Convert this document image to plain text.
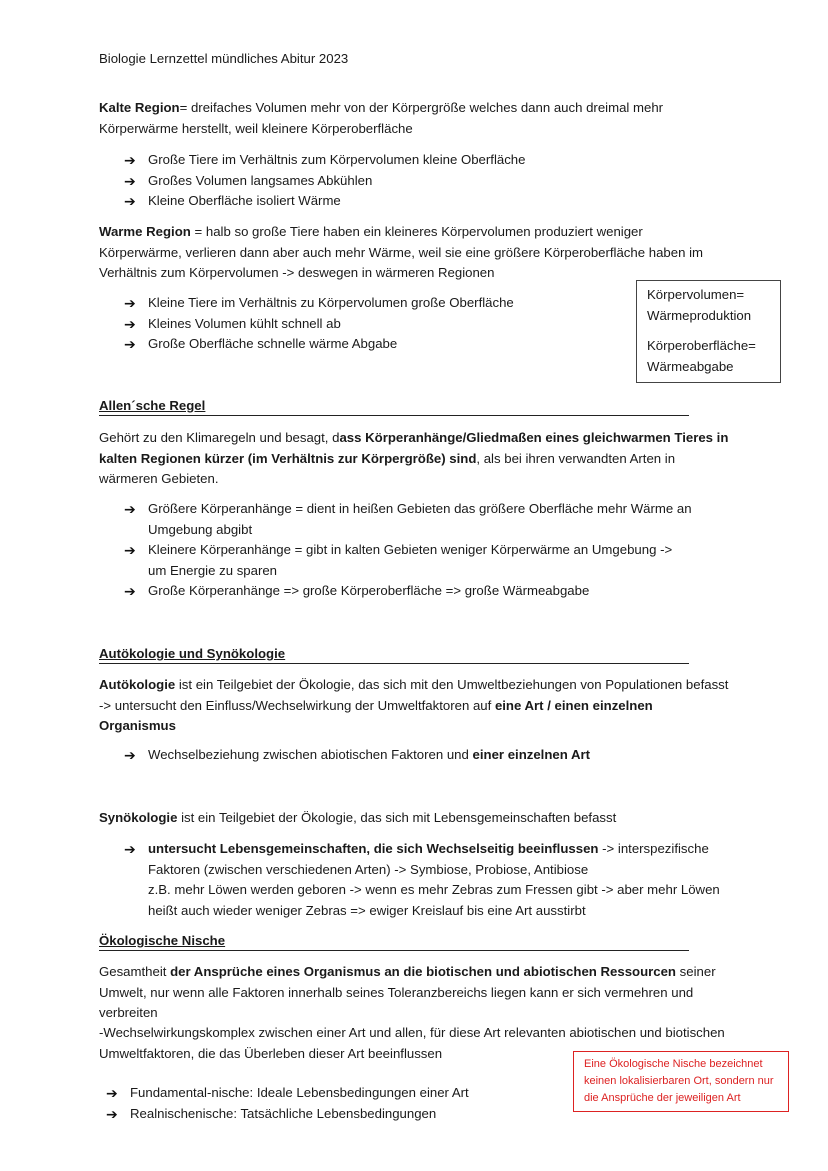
Biologie Lernzettel mündliches Abitur 2023
Kalte Region= dreifaches Volumen mehr von der Körpergröße welches dann auch dreimal mehr Körperwärme herstellt, weil kleinere Körperoberfläche
➔ Große Tiere im Verhältnis zum Körpervolumen kleine Oberfläche
➔ Großes Volumen langsames Abkühlen
➔ Kleine Oberfläche isoliert Wärme
Warme Region = halb so große Tiere haben ein kleineres Körpervolumen produziert weniger Körperwärme, verlieren dann aber auch mehr Wärme, weil sie eine größere Körperoberfläche haben im Verhältnis zum Körpervolumen -> deswegen in wärmeren Regionen
➔ Kleine Tiere im Verhältnis zu Körpervolumen große Oberfläche
➔ Kleines Volumen kühlt schnell ab
➔ Große Oberfläche schnelle wärme Abgabe
Körpervolumen=
Wärmeproduktion
Körperoberfläche=
Wärmeabgabe
Allen´sche Regel
Gehört zu den Klimaregeln und besagt, dass Körperanhänge/Gliedmaßen eines gleichwarmen Tieres in kalten Regionen kürzer (im Verhältnis zur Körpergröße) sind, als bei ihren verwandten Arten in wärmeren Gebieten.
➔ Größere Körperanhänge = dient in heißen Gebieten das größere Oberfläche mehr Wärme an Umgebung abgibt
➔ Kleinere Körperanhänge = gibt in kalten Gebieten weniger Körperwärme an Umgebung -> um Energie zu sparen
➔ Große Körperanhänge => große Körperoberfläche => große Wärmeabgabe
Autökologie und Synökologie
Autökologie ist ein Teilgebiet der Ökologie, das sich mit den Umweltbeziehungen von Populationen befasst -> untersucht den Einfluss/Wechselwirkung der Umweltfaktoren auf eine Art / einen einzelnen Organismus
➔ Wechselbeziehung zwischen abiotischen Faktoren und einer einzelnen Art
Synökologie ist ein Teilgebiet der Ökologie, das sich mit Lebensgemeinschaften befasst
➔ untersucht Lebensgemeinschaften, die sich Wechselseitig beeinflussen -> interspezifische Faktoren (zwischen verschiedenen Arten) -> Symbiose, Probiose, Antibiose
z.B. mehr Löwen werden geboren -> wenn es mehr Zebras zum Fressen gibt -> aber mehr Löwen heißt auch wieder weniger Zebras => ewiger Kreislauf bis eine Art ausstirbt
Ökologische Nische
Gesamtheit der Ansprüche eines Organismus an die biotischen und abiotischen Ressourcen seiner Umwelt, nur wenn alle Faktoren innerhalb seines Toleranzbereichs liegen kann er sich vermehren und verbreiten
-Wechselwirkungskomplex zwischen einer Art und allen, für diese Art relevanten abiotischen und biotischen Umweltfaktoren, die das Überleben dieser Art beeinflussen
➔ Fundamental-nische: Ideale Lebensbedingungen einer Art
➔ Realnischenische: Tatsächliche Lebensbedingungen
Eine Ökologische Nische bezeichnet keinen lokalisierbaren Ort, sondern nur die Ansprüche der jeweiligen Art
